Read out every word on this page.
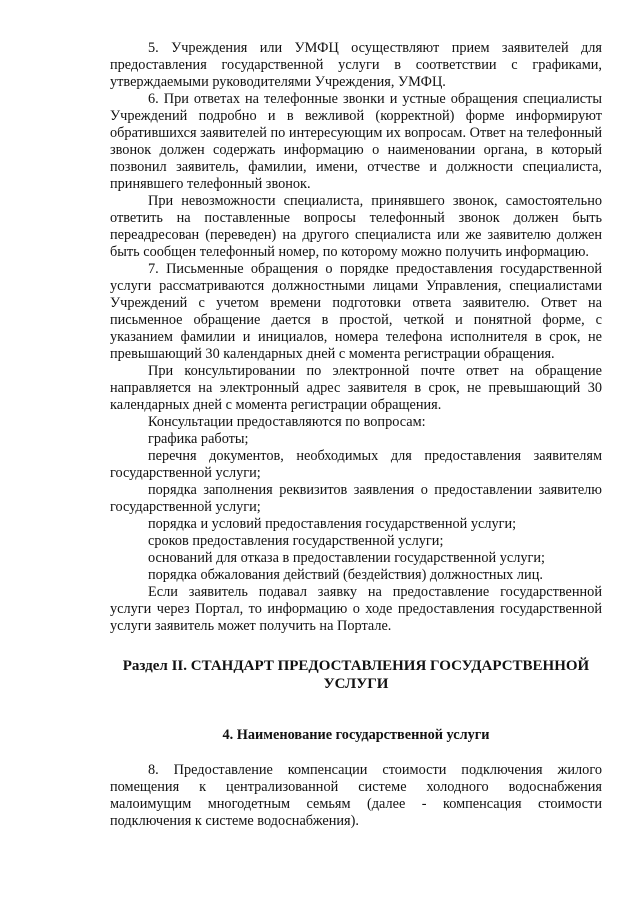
5. Учреждения или УМФЦ осуществляют прием заявителей для предоставления государственной услуги в соответствии с графиками, утверждаемыми руководителями Учреждения, УМФЦ.

6. При ответах на телефонные звонки и устные обращения специалисты Учреждений подробно и в вежливой (корректной) форме информируют обратившихся заявителей по интересующим их вопросам. Ответ на телефонный звонок должен содержать информацию о наименовании органа, в который позвонил заявитель, фамилии, имени, отчестве и должности специалиста, принявшего телефонный звонок.

При невозможности специалиста, принявшего звонок, самостоятельно ответить на поставленные вопросы телефонный звонок должен быть переадресован (переведен) на другого специалиста или же заявителю должен быть сообщен телефонный номер, по которому можно получить информацию.

7. Письменные обращения о порядке предоставления государственной услуги рассматриваются должностными лицами Управления, специалистами Учреждений с учетом времени подготовки ответа заявителю. Ответ на письменное обращение дается в простой, четкой и понятной форме, с указанием фамилии и инициалов, номера телефона исполнителя в срок, не превышающий 30 календарных дней с момента регистрации обращения.

При консультировании по электронной почте ответ на обращение направляется на электронный адрес заявителя в срок, не превышающий 30 календарных дней с момента регистрации обращения.

Консультации предоставляются по вопросам:

графика работы;

перечня документов, необходимых для предоставления заявителям государственной услуги;

порядка заполнения реквизитов заявления о предоставлении заявителю государственной услуги;

порядка и условий предоставления государственной услуги;

сроков предоставления государственной услуги;

оснований для отказа в предоставлении государственной услуги;

порядка обжалования действий (бездействия) должностных лиц.

Если заявитель подавал заявку на предоставление государственной услуги через Портал, то информацию о ходе предоставления государственной услуги заявитель может получить на Портале.

Раздел II. СТАНДАРТ ПРЕДОСТАВЛЕНИЯ ГОСУДАРСТВЕННОЙ УСЛУГИ

4. Наименование государственной услуги

8. Предоставление компенсации стоимости подключения жилого помещения к централизованной системе холодного водоснабжения малоимущим многодетным семьям (далее - компенсация стоимости подключения к системе водоснабжения).
